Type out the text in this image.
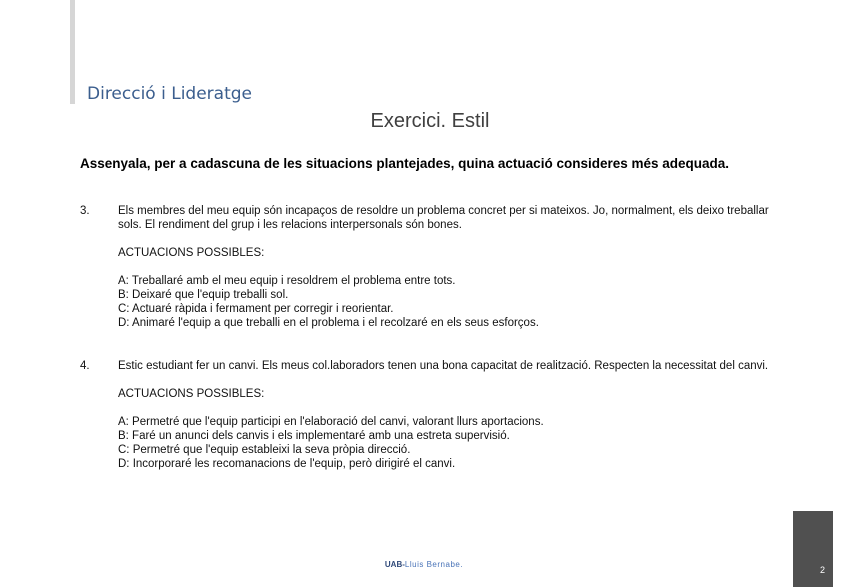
Direcció i Lideratge
Exercici. Estil
Assenyala, per a cadascuna de les situacions plantejades, quina actuació consideres més adequada.
3. Els membres del meu equip són incapaços de resoldre un problema concret per si mateixos. Jo, normalment, els deixo treballar sols. El rendiment del grup i les relacions interpersonals són bones.

ACTUACIONS POSSIBLES:

A: Treballaré amb el meu equip i resoldrem el problema entre tots.
B: Deixaré que l'equip treballi sol.
C: Actuaré ràpida i fermament per corregir i reorientar.
D: Animaré l'equip a que treballi en el problema i el recolzaré en els seus esforços.
4. Estic estudiant fer un canvi. Els meus col.laboradors tenen una bona capacitat de realització. Respecten la necessitat del canvi.

ACTUACIONS POSSIBLES:

A: Permetré que l'equip participi en l'elaboració del canvi, valorant llurs aportacions.
B: Faré un anunci dels canvis i els implementaré amb una estreta supervisió.
C: Permetré que l'equip estableixi la seva pròpia direcció.
D: Incorporaré les recomanacions de l'equip, però dirigiré el canvi.
UAB-Lluis Bernabe.
2
